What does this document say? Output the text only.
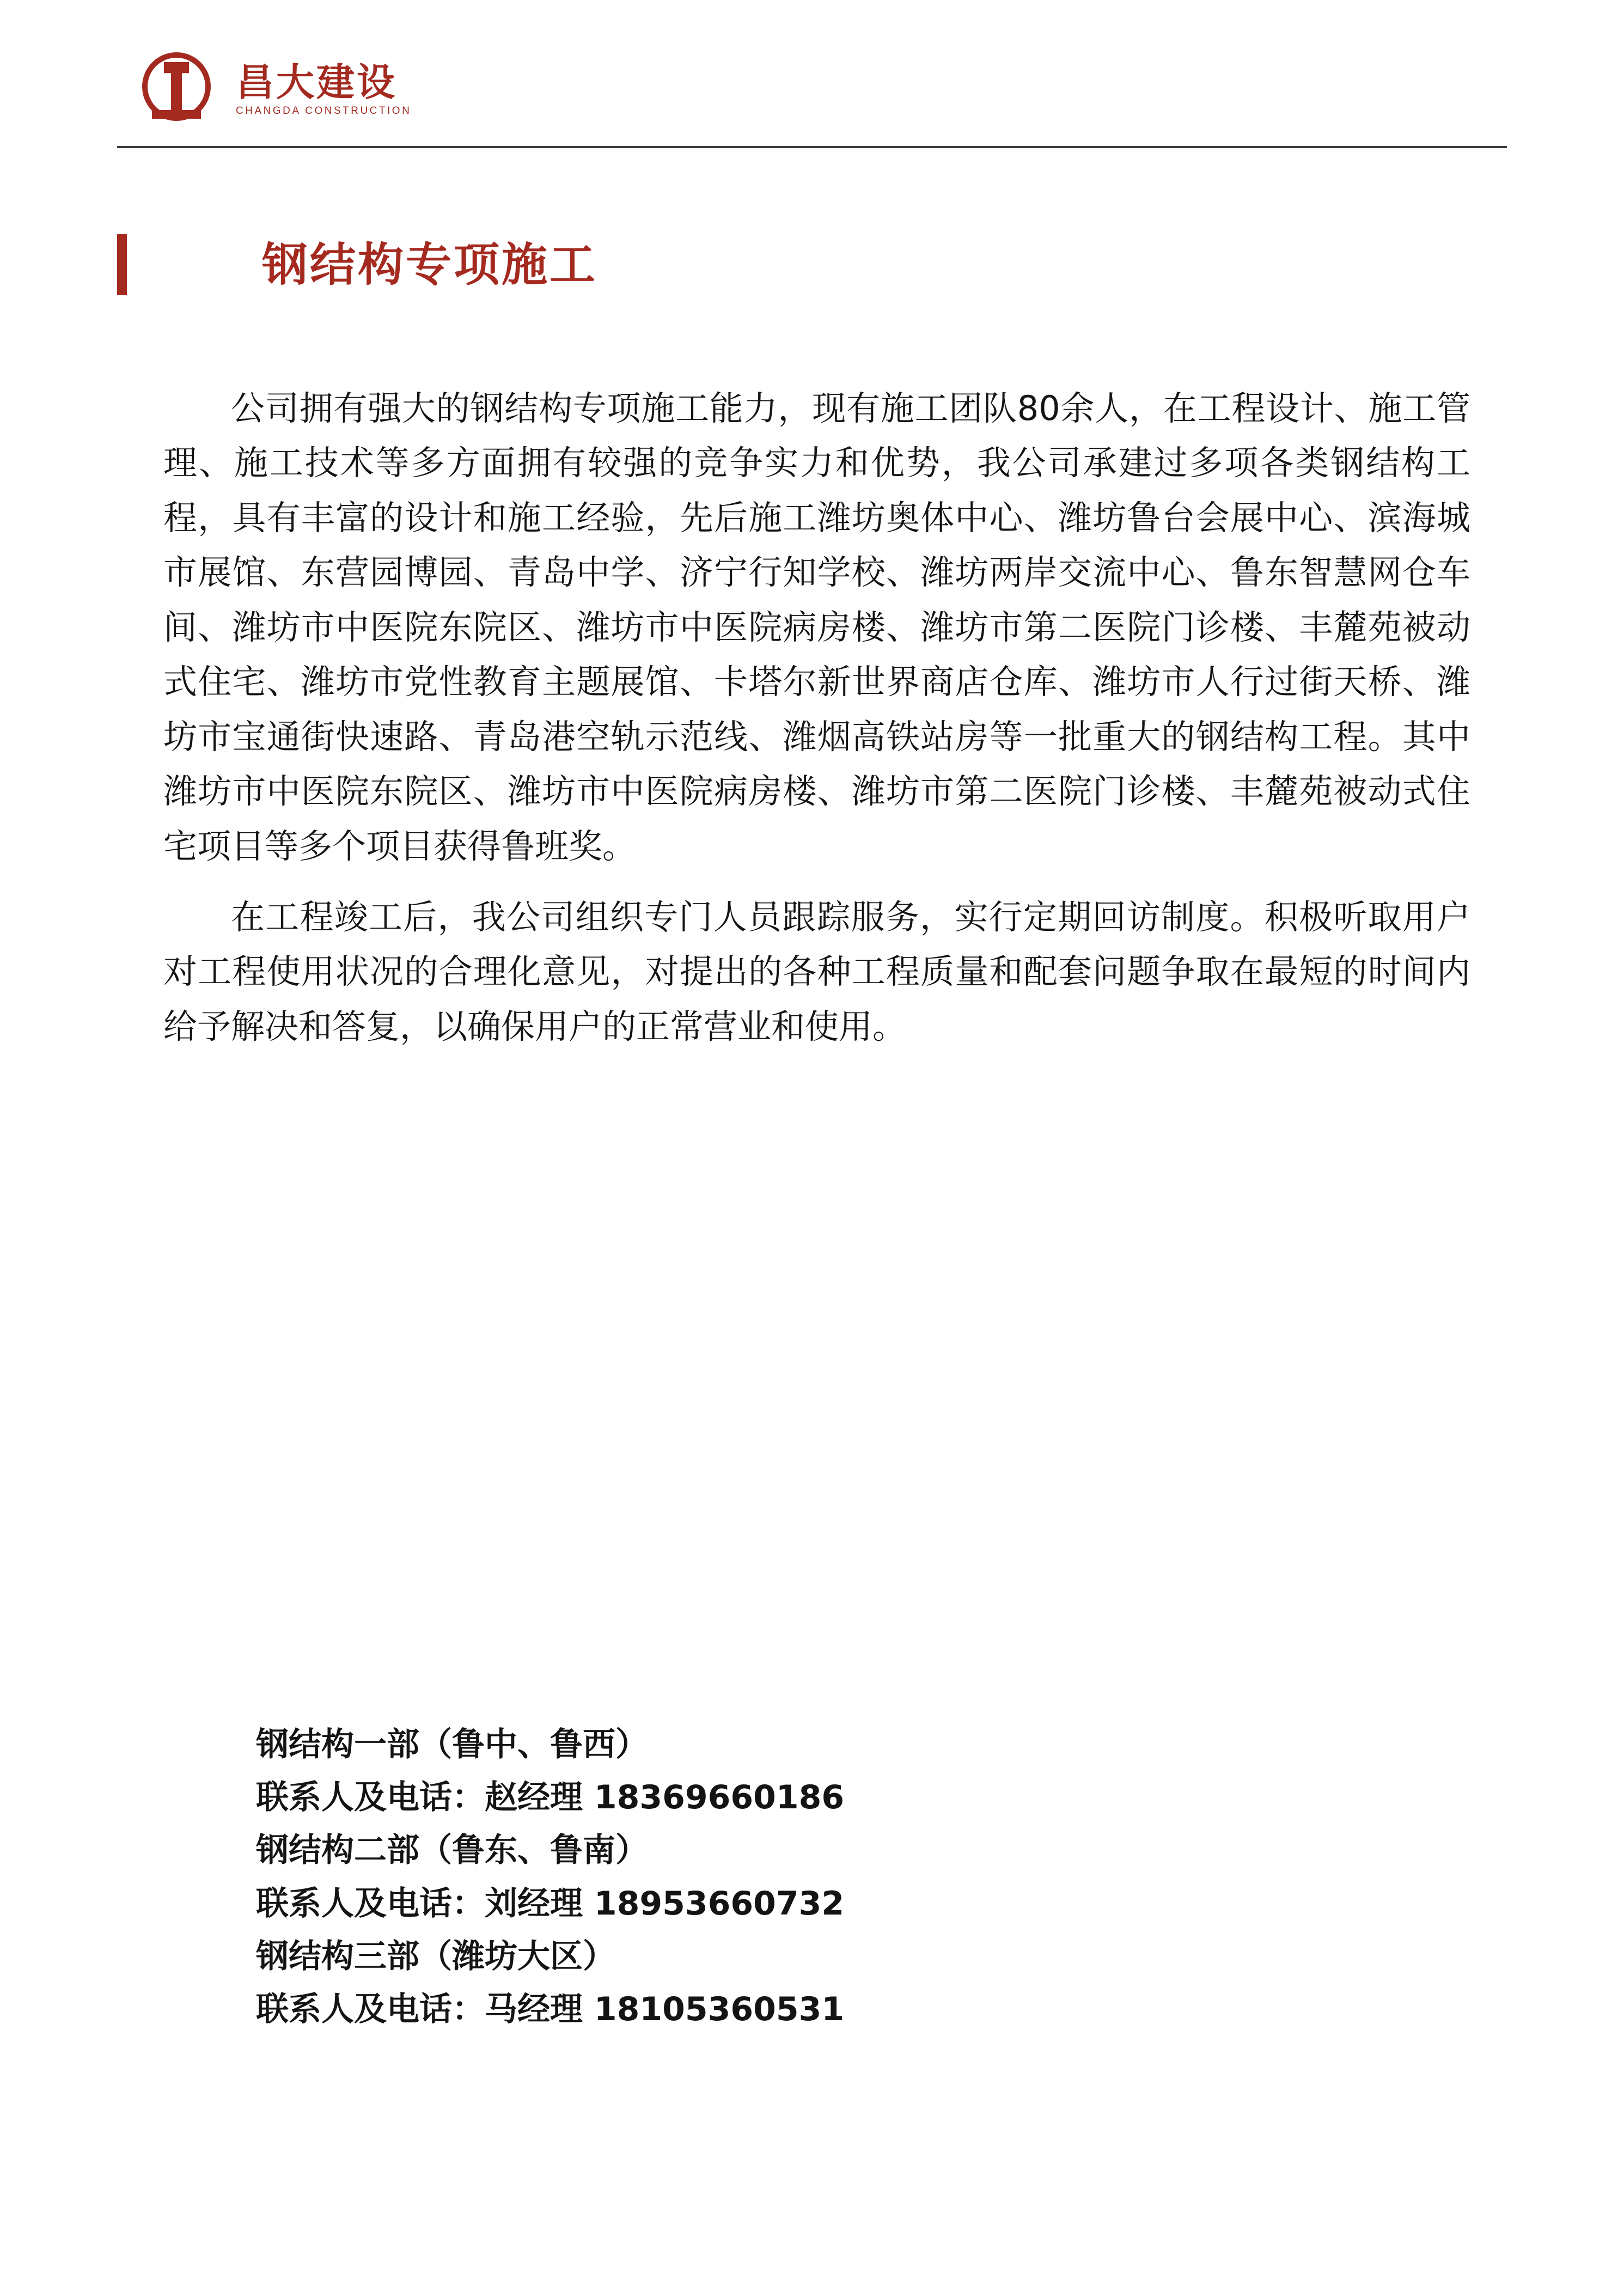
昌大建设
CHANGDA CONSTRUCTION
钢结构专项施工

公司拥有强大的钢结构专项施工能力，现有施工团队80余人，在工程设计、施工管理、施工技术等多方面拥有较强的竞争实力和优势，我公司承建过多项各类钢结构工程，具有丰富的设计和施工经验，先后施工潍坊奥体中心、潍坊鲁台会展中心、滨海城市展馆、东营园博园、青岛中学、济宁行知学校、潍坊两岸交流中心、鲁东智慧网仓车间、潍坊市中医院东院区、潍坊市中医院病房楼、潍坊市第二医院门诊楼、丰麓苑被动式住宅、潍坊市党性教育主题展馆、卡塔尔新世界商店仓库、潍坊市人行过街天桥、潍坊市宝通街快速路、青岛港空轨示范线、潍烟高铁站房等一批重大的钢结构工程。其中潍坊市中医院东院区、潍坊市中医院病房楼、潍坊市第二医院门诊楼、丰麓苑被动式住宅项目等多个项目获得鲁班奖。

在工程竣工后，我公司组织专门人员跟踪服务，实行定期回访制度。积极听取用户对工程使用状况的合理化意见，对提出的各种工程质量和配套问题争取在最短的时间内给予解决和答复，以确保用户的正常营业和使用。

钢结构一部（鲁中、鲁西）
联系人及电话：赵经理 18369660186
钢结构二部（鲁东、鲁南）
联系人及电话：刘经理 18953660732
钢结构三部（潍坊大区）
联系人及电话：马经理 18105360531
